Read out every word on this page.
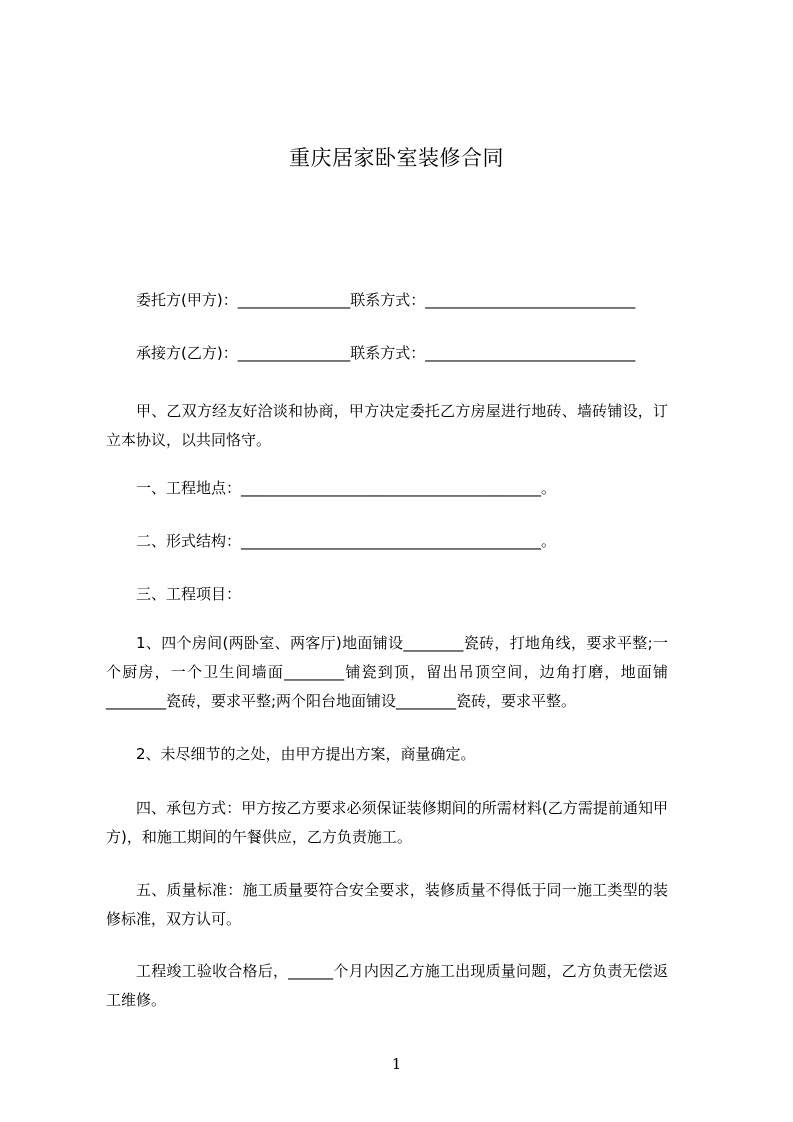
重庆居家卧室装修合同
委托方(甲方)：_______________联系方式：____________________________
承接方(乙方)：_______________联系方式：____________________________
甲、乙双方经友好洽谈和协商，甲方决定委托乙方房屋进行地砖、墙砖铺设，订立本协议，以共同恪守。
一、工程地点：________________________________________。
二、形式结构：________________________________________。
三、工程项目：
1、四个房间(两卧室、两客厅)地面铺设________瓷砖，打地角线，要求平整;一个厨房，一个卫生间墙面________铺瓷到顶，留出吊顶空间，边角打磨，地面铺________瓷砖，要求平整;两个阳台地面铺设________瓷砖，要求平整。
2、未尽细节的之处，由甲方提出方案，商量确定。
四、承包方式：甲方按乙方要求必须保证装修期间的所需材料(乙方需提前通知甲方)，和施工期间的午餐供应，乙方负责施工。
五、质量标准：施工质量要符合安全要求，装修质量不得低于同一施工类型的装修标准，双方认可。
工程竣工验收合格后，______个月内因乙方施工出现质量问题，乙方负责无偿返工维修。
1
